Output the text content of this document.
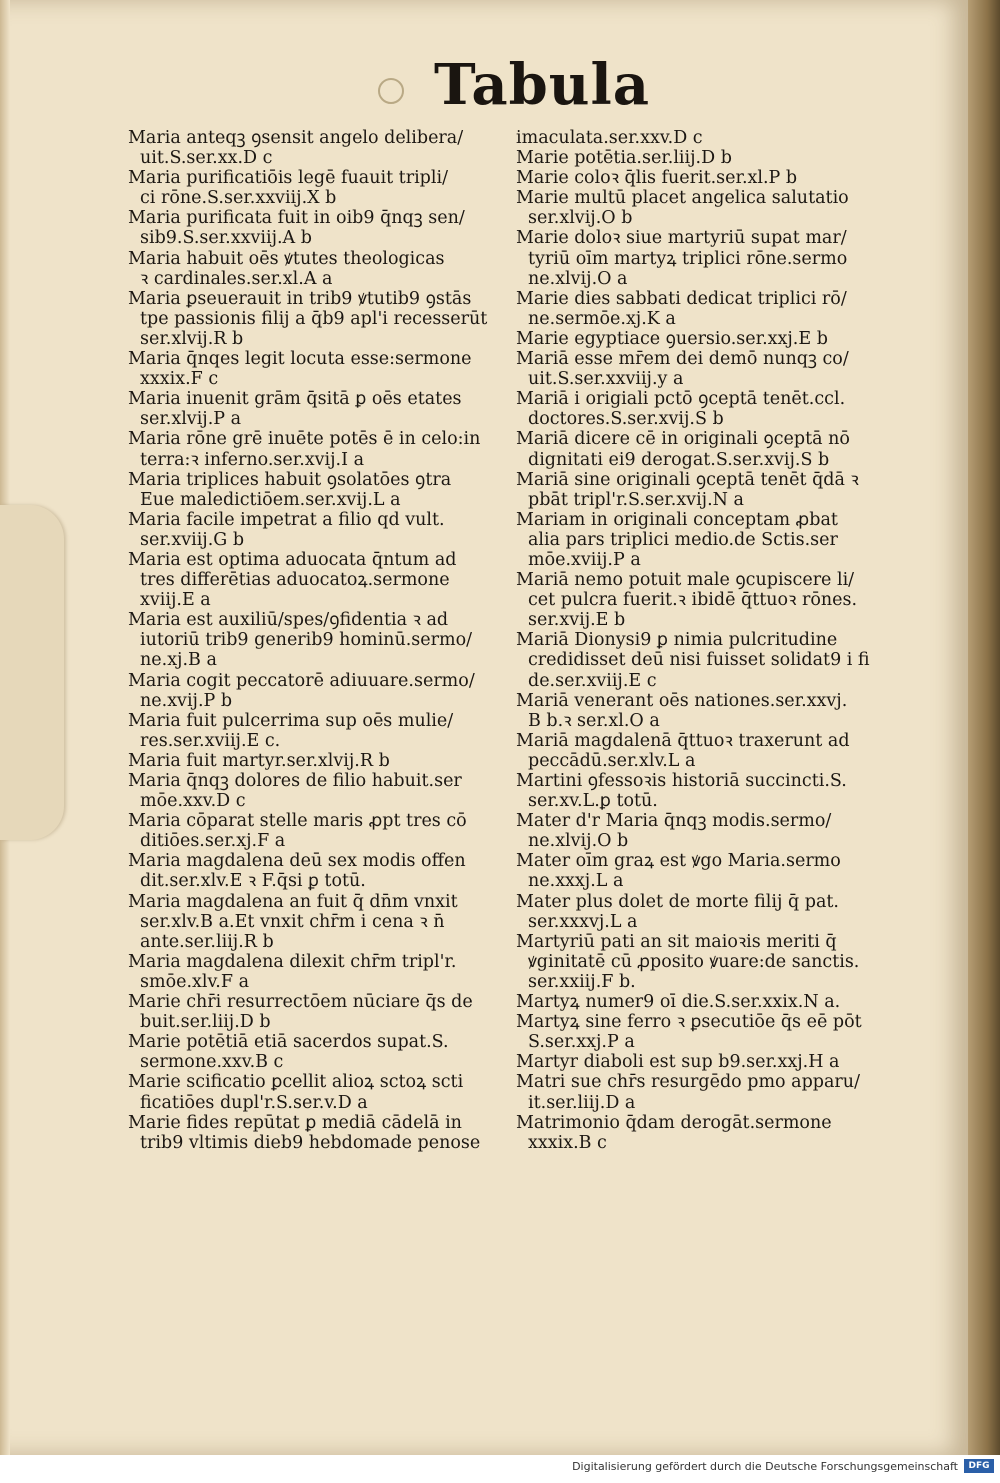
Tabula
Maria anteqꝫ ꝯsensit angelo delibera/
uit.S.ser.xx.D c
Maria purificatiōis legē fuauit tripli/
ci rōne.S.ser.xxviij.X b
Maria purificata fuit in oib9 q̄nqꝫ sen/
sib9.S.ser.xxviij.A b
Maria habuit oēs ꝟtutes theologicas
ꝛ cardinales.ser.xl.A a
Maria ꝑseuerauit in trib9 ꝟtutib9 ꝯstās
tpe passionis filij a q̄b9 apl'i recesserūt
ser.xlvij.R b
Maria q̄nqes legit locuta esse:sermone
xxxix.F c
Maria inuenit grām q̄sitā ꝑ oēs etates
ser.xlvij.P a
Maria rōne grē inuēte potēs ē in celo:in
terra:ꝛ inferno.ser.xvij.I a
Maria triplices habuit ꝯsolatōes ꝯtra
Eue maledictiōem.ser.xvij.L a
Maria facile impetrat a filio qd̄ vult.
ser.xviij.G b
Maria est optima aduocata q̄ntum ad
tres differētias aduocatoꝝ.sermone
xviij.E a
Maria est auxiliū/spes/ꝯfidentia ꝛ ad
iutoriū trib9 generib9 hominū.sermo/
ne.xj.B a
Maria cogit peccatorē adiuuare.sermo/
ne.xvij.P b
Maria fuit pulcerrima sup oēs mulie/
res.ser.xviij.E c.
Maria fuit martyr.ser.xlvij.R b
Maria q̄nqꝫ dolores de filio habuit.ser
mōe.xxv.D c
Maria cōparat stelle maris ꝓpt tres cō
ditiōes.ser.xj.F a
Maria magdalena deū sex modis offen
dit.ser.xlv.E ꝛ F.q̄si ꝑ totū.
Maria magdalena an fuit q̄ dn̄m vnxit
ser.xlv.B a.Et vnxit chr̄m i cena ꝛ n̄
ante.ser.liij.R b
Maria magdalena dilexit chr̄m tripl'r.
smōe.xlv.F a
Marie chr̄i resurrectōem nūciare q̄s de
buit.ser.liij.D b
Marie potētiā etiā sacerdos supat.S.
sermone.xxv.B c
Marie scificatio ꝑcellit alioꝝ sctoꝝ scti
ficatiōes dupl'r.S.ser.v.D a
Marie fides repūtat ꝑ mediā cādelā in
trib9 vltimis dieb9 hebdomade penose
imaculata.ser.xxv.D c
Marie potētia.ser.liij.D b
Marie coloꝛ q̄lis fuerit.ser.xl.P b
Marie multū placet angelica salutatio
ser.xlvij.O b
Marie doloꝛ siue martyriū supat mar/
tyriū oīm martyꝝ triplici rōne.sermo
ne.xlvij.O a
Marie dies sabbati dedicat triplici rō/
ne.sermōe.xj.K a
Marie egyptiace ꝯuersio.ser.xxj.E b
Mariā esse mr̄em dei demō nunqꝫ co/
uit.S.ser.xxviij.y a
Mariā i origiali pctō ꝯceptā tenēt.ccl.
doctores.S.ser.xvij.S b
Mariā dicere cē in originali ꝯceptā nō
dignitati ei9 derogat.S.ser.xvij.S b
Mariā sine originali ꝯceptā tenēt q̄dā ꝛ
pbāt tripl'r.S.ser.xvij.N a
Mariam in originali conceptam ꝓbat
alia pars triplici medio.de Sctis.ser
mōe.xviij.P a
Mariā nemo potuit male ꝯcupiscere li/
cet pulcra fuerit.ꝛ ibidē q̄ttuoꝛ rōnes.
ser.xvij.E b
Mariā Dionysi9 ꝑ nimia pulcritudine
credidisset deū nisi fuisset solidat9 i fi
de.ser.xviij.E c
Mariā venerant oēs nationes.ser.xxvj.
B b.ꝛ ser.xl.O a
Mariā magdalenā q̄ttuoꝛ traxerunt ad
peccādū.ser.xlv.L a
Martini ꝯfessoꝛis historiā succincti.S.
ser.xv.L.ꝑ totū.
Mater d'r Maria q̄nqꝫ modis.sermo/
ne.xlvij.O b
Mater oīm graꝝ est ꝟgo Maria.sermo
ne.xxxj.L a
Mater plus dolet de morte filij q̄ pat.
ser.xxxvj.L a
Martyriū pati an sit maioꝛis meriti q̄
ꝟginitatē cū ꝓposito ꝟuare:de sanctis.
ser.xxiij.F b.
Martyꝝ numer9 oī die.S.ser.xxix.N a.
Martyꝝ sine ferro ꝛ ꝑsecutiōe q̄s eē pōt
S.ser.xxj.P a
Martyr diaboli est sup b9.ser.xxj.H a
Matri sue chr̄s resurgēdo pmo apparu/
it.ser.liij.D a
Matrimonio q̄dam derogāt.sermone
xxxix.B c
Digitalisierung gefördert durch die Deutsche Forschungsgemeinschaft	DFG
